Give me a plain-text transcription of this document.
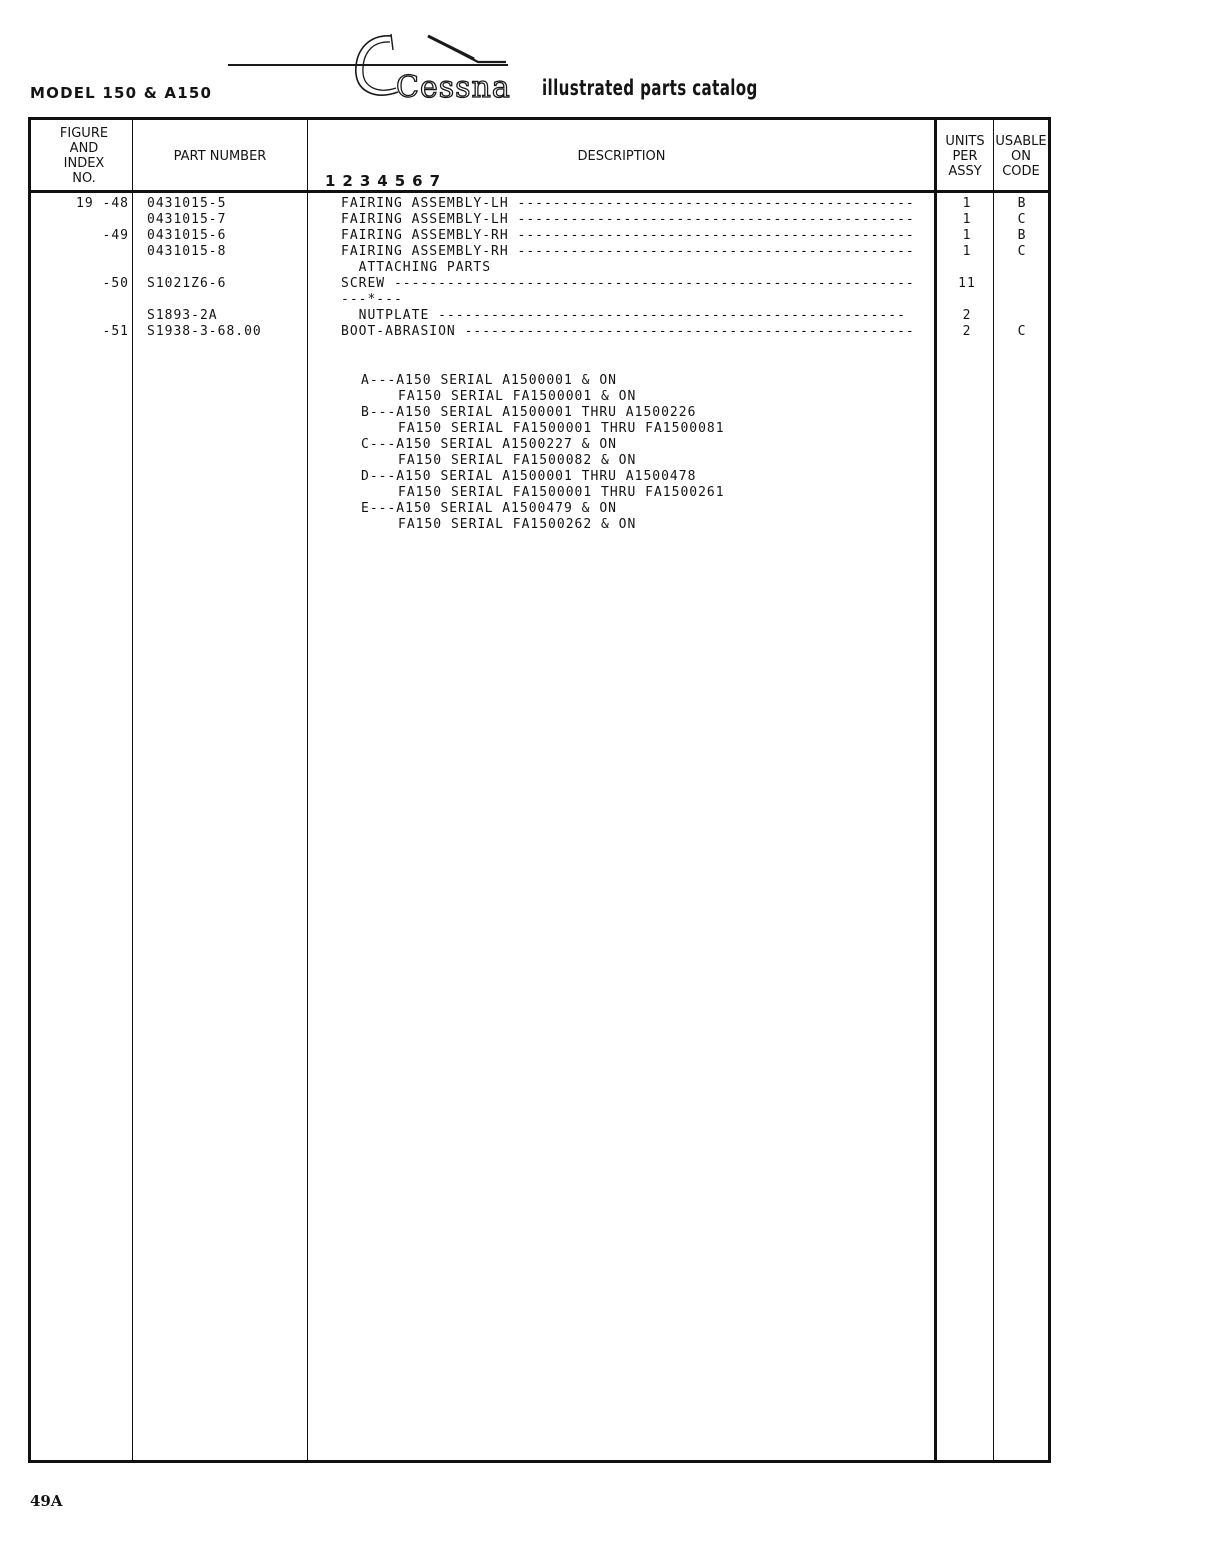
MODEL 150 & A150	Cessna illustrated parts catalog
FIGURE
AND
INDEX
NO.
PART NUMBER	DESCRIPTION
1234567
UNITS
PER
ASSY
USABLE
ON
CODE
19 -48 0431015-5	FAIRING ASSEMBLY-LH ---------------------------------------------	1	B
0431015-7	FAIRING ASSEMBLY-LH ---------------------------------------------	1	C
-49 0431015-6	FAIRING ASSEMBLY-RH ---------------------------------------------	1	B
0431015-8	FAIRING ASSEMBLY-RH ---------------------------------------------	1	C
ATTACHING PARTS
-50 S1021Z6-6	SCREW -----------------------------------------------------------	11
---*---
S1893-2A	NUTPLATE -----------------------------------------------------	2
-51 S1938-3-68.00	BOOT-ABRASION ---------------------------------------------------	2	C
A---A150 SERIAL A1500001 & ON
FA150 SERIAL FA1500001 & ON
B---A150 SERIAL A1500001 THRU A1500226
FA150 SERIAL FA1500001 THRU FA1500081
C---A150 SERIAL A1500227 & ON
FA150 SERIAL FA1500082 & ON
D---A150 SERIAL A1500001 THRU A1500478
FA150 SERIAL FA1500001 THRU FA1500261
E---A150 SERIAL A1500479 & ON
FA150 SERIAL FA1500262 & ON
49A
